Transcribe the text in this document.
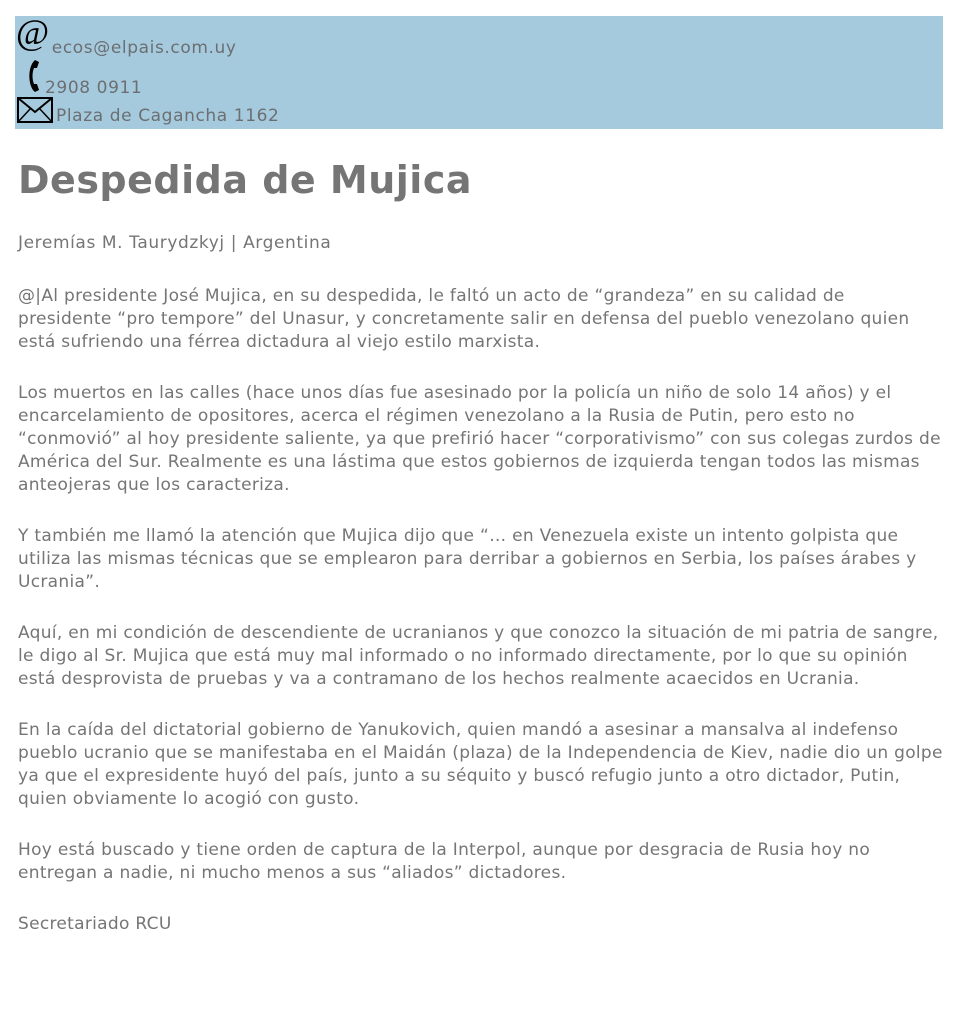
@ ecos@elpais.com.uy
2908 0911
Plaza de Cagancha 1162
Despedida de Mujica

Jeremías M. Taurydzkyj | Argentina

@|Al presidente José Mujica, en su despedida, le faltó un acto de “grandeza” en su calidad de presidente “pro tempore” del Unasur, y concretamente salir en defensa del pueblo venezolano quien está sufriendo una férrea dictadura al viejo estilo marxista.

Los muertos en las calles (hace unos días fue asesinado por la policía un niño de solo 14 años) y el encarcelamiento de opositores, acerca el régimen venezolano a la Rusia de Putin, pero esto no “conmovió” al hoy presidente saliente, ya que prefirió hacer “corporativismo” con sus colegas zurdos de América del Sur. Realmente es una lástima que estos gobiernos de izquierda tengan todos las mismas anteojeras que los caracteriza.

Y también me llamó la atención que Mujica dijo que “… en Venezuela existe un intento golpista que utiliza las mismas técnicas que se emplearon para derribar a gobiernos en Serbia, los países árabes y Ucrania”.

Aquí, en mi condición de descendiente de ucranianos y que conozco la situación de mi patria de sangre, le digo al Sr. Mujica que está muy mal informado o no informado directamente, por lo que su opinión está desprovista de pruebas y va a contramano de los hechos realmente acaecidos en Ucrania.

En la caída del dictatorial gobierno de Yanukovich, quien mandó a asesinar a mansalva al indefenso pueblo ucranio que se manifestaba en el Maidán (plaza) de la Independencia de Kiev, nadie dio un golpe ya que el expresidente huyó del país, junto a su séquito y buscó refugio junto a otro dictador, Putin, quien obviamente lo acogió con gusto.

Hoy está buscado y tiene orden de captura de la Interpol, aunque por desgracia de Rusia hoy no entregan a nadie, ni mucho menos a sus “aliados” dictadores.

Secretariado RCU
